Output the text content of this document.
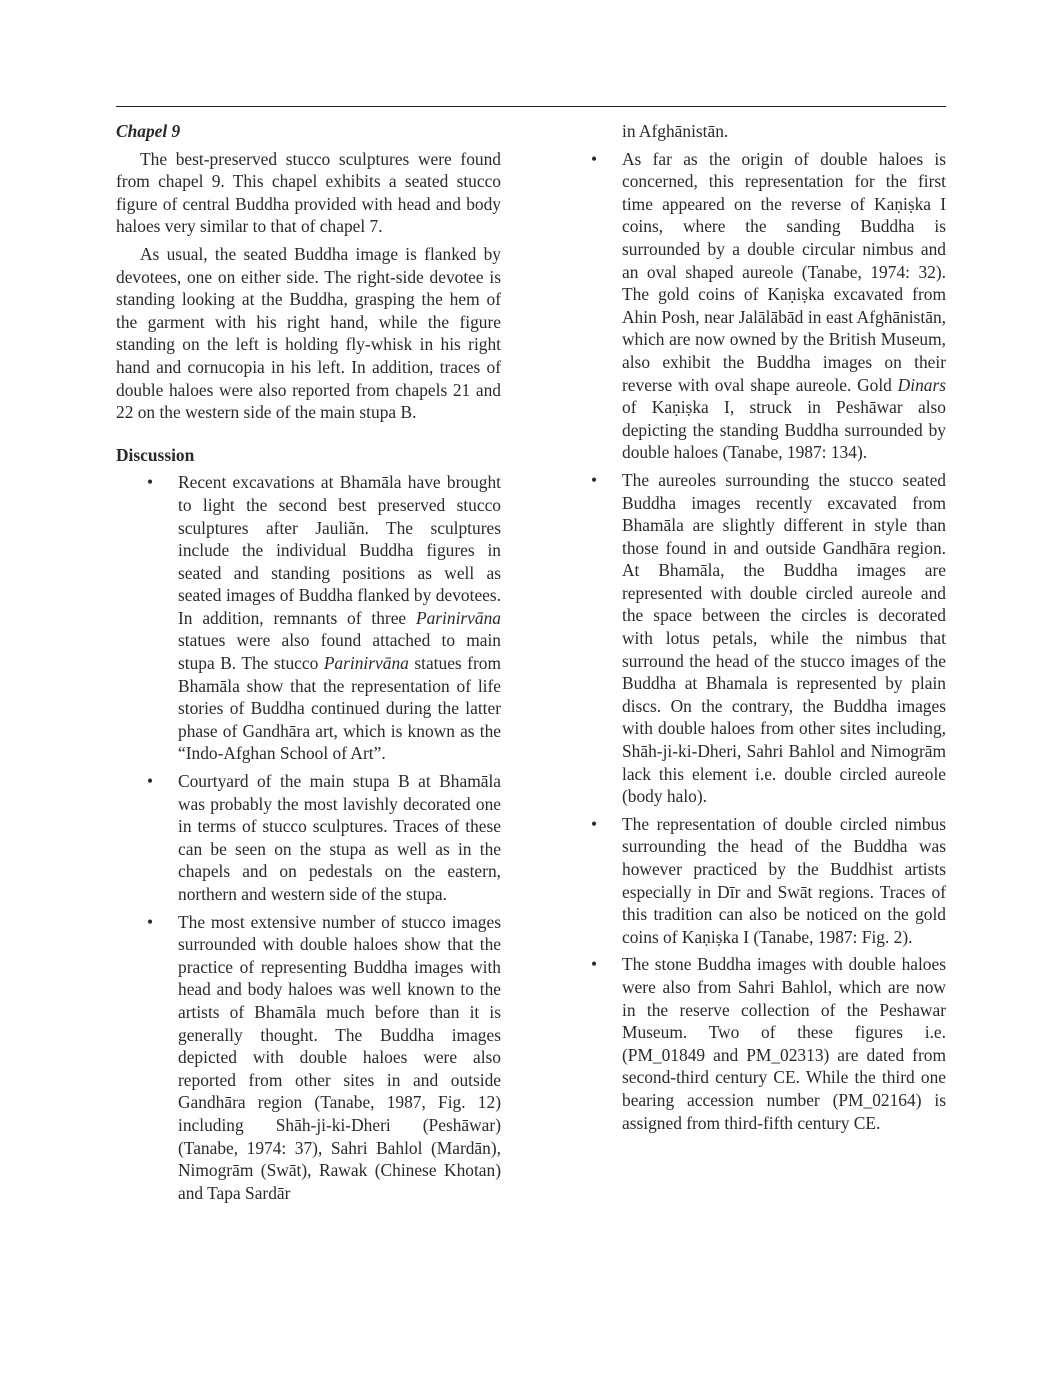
Chapel 9

The best-preserved stucco sculptures were found from chapel 9. This chapel exhibits a seated stucco figure of central Buddha provided with head and body haloes very similar to that of chapel 7.

As usual, the seated Buddha image is flanked by devotees, one on either side. The right-side devotee is standing looking at the Buddha, grasping the hem of the garment with his right hand, while the figure standing on the left is holding fly-whisk in his right hand and cornucopia in his left. In addition, traces of double haloes were also reported from chapels 21 and 22 on the western side of the main stupa B.

Discussion
• Recent excavations at Bhamāla have brought to light the second best preserved stucco sculptures after Jauliãn. The sculptures include the individual Buddha figures in seated and standing positions as well as seated images of Buddha flanked by devotees. In addition, remnants of three Parinirvāna statues were also found attached to main stupa B. The stucco Parinirvāna statues from Bhamāla show that the representation of life stories of Buddha continued during the latter phase of Gandhāra art, which is known as the “Indo-Afghan School of Art”.
• Courtyard of the main stupa B at Bhamāla was probably the most lavishly decorated one in terms of stucco sculptures. Traces of these can be seen on the stupa as well as in the chapels and on pedestals on the eastern, northern and western side of the stupa.
• The most extensive number of stucco images surrounded with double haloes show that the practice of representing Buddha images with head and body haloes was well known to the artists of Bhamāla much before than it is generally thought. The Buddha images depicted with double haloes were also reported from other sites in and outside Gandhāra region (Tanabe, 1987, Fig. 12) including Shāh-ji-ki-Dheri (Peshāwar) (Tanabe, 1974: 37), Sahri Bahlol (Mardān), Nimogrām (Swāt), Rawak (Chinese Khotan) and Tapa Sardār
in Afghānistān.
• As far as the origin of double haloes is concerned, this representation for the first time appeared on the reverse of Kaṇiṣka I coins, where the sanding Buddha is surrounded by a double circular nimbus and an oval shaped aureole (Tanabe, 1974: 32). The gold coins of Kaṇiṣka excavated from Ahin Posh, near Jalālābād in east Afghānistān, which are now owned by the British Museum, also exhibit the Buddha images on their reverse with oval shape aureole. Gold Dinars of Kaṇiṣka I, struck in Peshāwar also depicting the standing Buddha surrounded by double haloes (Tanabe, 1987: 134).
• The aureoles surrounding the stucco seated Buddha images recently excavated from Bhamāla are slightly different in style than those found in and outside Gandhāra region. At Bhamāla, the Buddha images are represented with double circled aureole and the space between the circles is decorated with lotus petals, while the nimbus that surround the head of the stucco images of the Buddha at Bhamala is represented by plain discs. On the contrary, the Buddha images with double haloes from other sites including, Shāh-ji-ki-Dheri, Sahri Bahlol and Nimogrām lack this element i.e. double circled aureole (body halo).
• The representation of double circled nimbus surrounding the head of the Buddha was however practiced by the Buddhist artists especially in Dīr and Swāt regions. Traces of this tradition can also be noticed on the gold coins of Kaṇiṣka I (Tanabe, 1987: Fig. 2).
• The stone Buddha images with double haloes were also from Sahri Bahlol, which are now in the reserve collection of the Peshawar Museum. Two of these figures i.e. (PM_01849 and PM_02313) are dated from second-third century CE. While the third one bearing accession number (PM_02164) is assigned from third-fifth century CE.
